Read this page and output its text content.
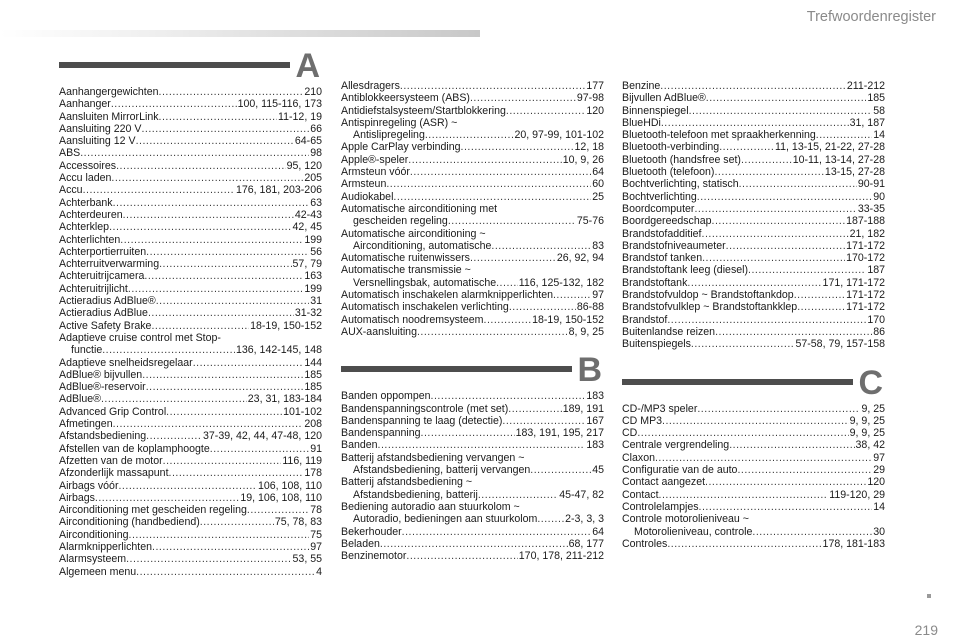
Trefwoordenregister
A
Aanhangergewichten .....	210
Aanhanger .....	100, 115-116, 173
Aansluiten MirrorLink .....	11-12, 19
Aansluiting 220 V .....	66
Aansluiting 12 V .....	64-65
ABS .....	98
Accessoires .....	95, 120
Accu laden .....	205
Accu .....	176, 181, 203-206
Achterbank .....	63
Achterdeuren .....	42-43
Achterklep .....	42, 45
Achterlichten .....	199
Achterportierruiten .....	56
Achterruitverwarming .....	57, 79
Achteruitrijcamera .....	163
Achteruitrijlicht .....	199
Actieradius AdBlue® .....	31
Actieradius AdBlue .....	31-32
Active Safety Brake .....	18-19, 150-152
Adaptieve cruise control met Stop-
functie .....	136, 142-145, 148
Adaptieve snelheidsregelaar .....	144
AdBlue® bijvullen .....	185
AdBlue®-reservoir .....	185
AdBlue® .....	23, 31, 183-184
Advanced Grip Control .....	101-102
Afmetingen .....	208
Afstandsbediening .....	37-39, 42, 44, 47-48, 120
Afstellen van de koplamphoogte .....	91
Afzetten van de motor .....	116, 119
Afzonderlijk massapunt .....	178
Airbags vóór .....	106, 108, 110
Airbags .....	19, 106, 108, 110
Airconditioning met gescheiden regeling .....	78
Airconditioning (handbediend) .....	75, 78, 83
Airconditioning .....	75
Alarmknipperlichten .....	97
Alarmsysteem .....	53, 55
Algemeen menu .....	4
Allesdragers .....	177
Antiblokkeersysteem (ABS) .....	97-98
Antidiefstalsysteem/Startblokkering .....	120
Antispinregeling (ASR) ~
Antislipregeling .....	20, 97-99, 101-102
Apple CarPlay verbinding .....	12, 18
Apple®-speler .....	10, 9, 26
Armsteun vóór .....	64
Armsteun .....	60
Audiokabel .....	25
Automatische airconditioning met
gescheiden regeling .....	75-76
Automatische airconditioning ~
Airconditioning, automatische .....	83
Automatische ruitenwissers .....	26, 92, 94
Automatische transmissie ~
Versnellingsbak, automatische ..... 116, 125-132, 182
Automatisch inschakelen alarmknipperlichten .....	97
Automatisch inschakelen verlichting .....	86-88
Automatisch noodremsysteem .....	18-19, 150-152
AUX-aansluiting .....	8, 9, 25
B
Banden oppompen .....	183
Bandenspanningscontrole (met set) .....	189, 191
Bandenspanning te laag (detectie) .....	167
Bandenspanning .....	183, 191, 195, 217
Banden .....	183
Batterij afstandsbediening vervangen ~
Afstandsbediening, batterij vervangen .....	45
Batterij afstandsbediening ~
Afstandsbediening, batterij .....	45-47, 82
Bediening autoradio aan stuurkolom ~
Autoradio, bedieningen aan stuurkolom .....	2-3, 3, 3
Bekerhouder .....	64
Beladen .....	68, 177
Benzinemotor .....	170, 178, 211-212
Benzine .....	211-212
Bijvullen AdBlue® .....	185
Binnenspiegel .....	58
BlueHDi .....	31, 187
Bluetooth-telefoon met spraakherkenning .....	14
Bluetooth-verbinding .....	11, 13-15, 21-22, 27-28
Bluetooth (handsfree set) .....	10-11, 13-14, 27-28
Bluetooth (telefoon) .....	13-15, 27-28
Bochtverlichting, statisch .....	90-91
Bochtverlichting .....	90
Boordcomputer .....	33-35
Boordgereedschap .....	187-188
Brandstofadditief .....	21, 182
Brandstofniveaumeter .....	171-172
Brandstof tanken .....	170-172
Brandstoftank leeg (diesel) .....	187
Brandstoftank .....	171, 171-172
Brandstofvuldop ~ Brandstoftankdop .....	171-172
Brandstofvulklep ~ Brandstoftankklep .....	171-172
Brandstof .....	170
Buitenlandse reizen .....	86
Buitenspiegels .....	57-58, 79, 157-158
C
CD-/MP3 speler .....	9, 25
CD MP3 .....	9, 9, 25
CD .....	9, 9, 25
Centrale vergrendeling .....	38, 42
Claxon .....	97
Configuratie van de auto .....	29
Contact aangezet .....	120
Contact .....	119-120, 29
Controlelampjes .....	14
Controle motorolieniveau ~
Motorolieniveau, controle .....	30
Controles .....	178, 181-183
219
